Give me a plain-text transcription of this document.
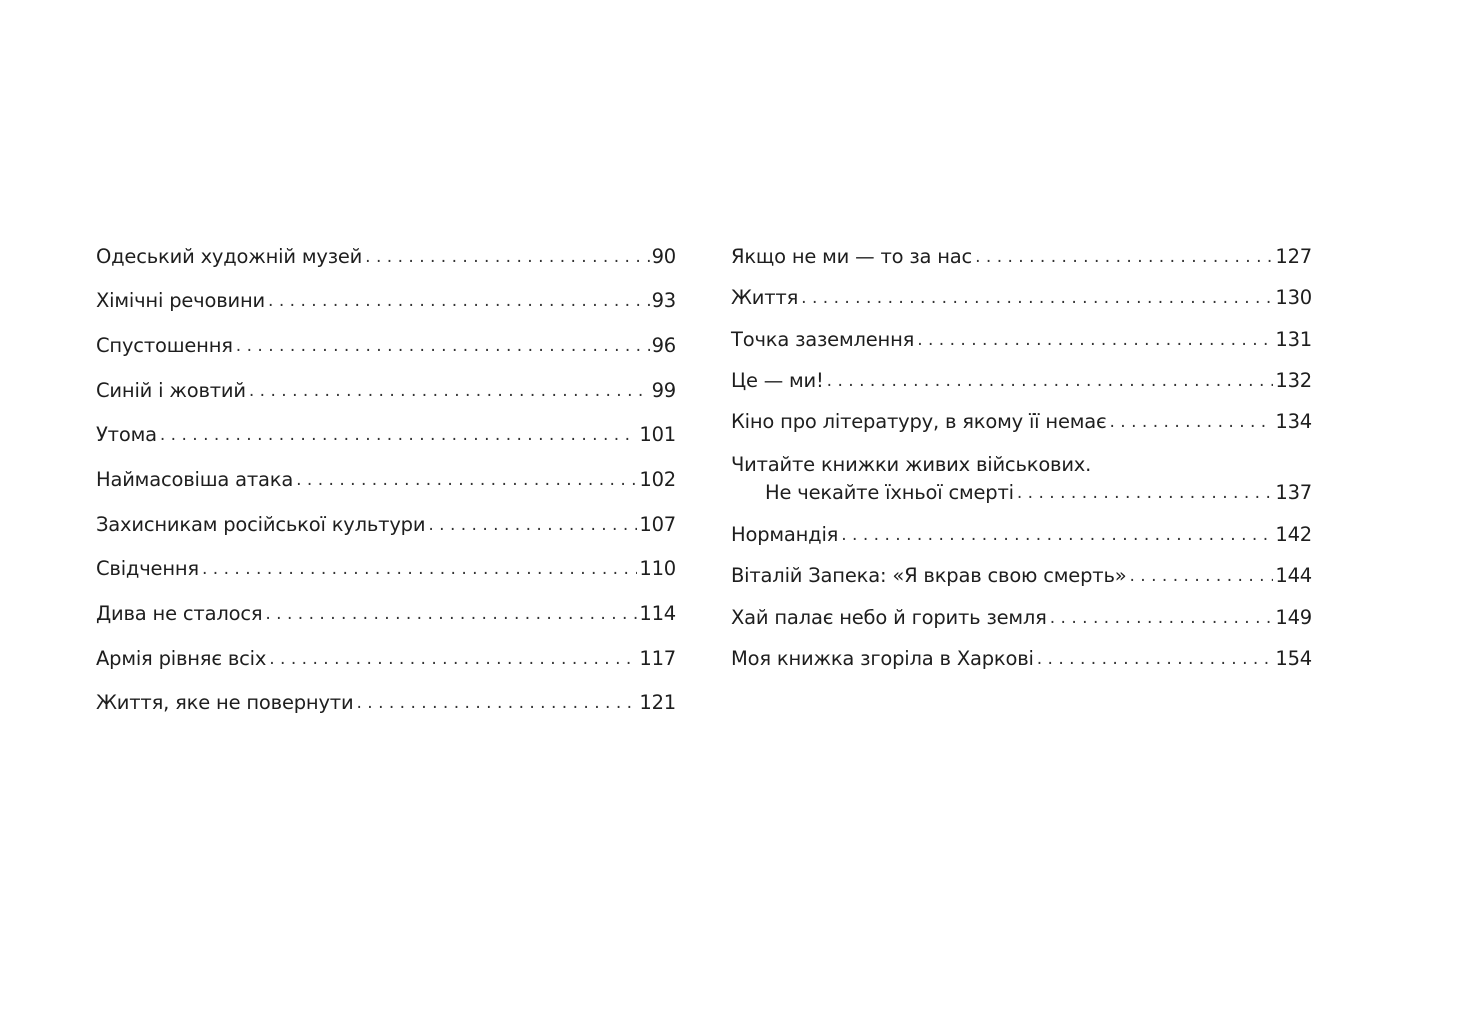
Одеський художній музей . . .	90
Хімічні речовини . . .	93
Спустошення . . .	96
Синій і жовтий . . .	99
Утома . . .	101
Наймасовіша атака . . .	102
Захисникам російської культури . . .	107
Свідчення . . .	110
Дива не сталося . . .	114
Армія рівняє всіх . . .	117
Життя, яке не повернути . . .	121
Якщо не ми — то за нас . . .	127
Життя . . .	130
Точка заземлення . . .	131
Це — ми! . . .	132
Кіно про літературу, в якому її немає . . .	134
Читайте книжки живих військових.
Не чекайте їхньої смерті . . .	137
Нормандія . . .	142
Віталій Запека: «Я вкрав свою смерть» . . .	144
Хай палає небо й горить земля . . .	149
Моя книжка згоріла в Харкові . . .	154
